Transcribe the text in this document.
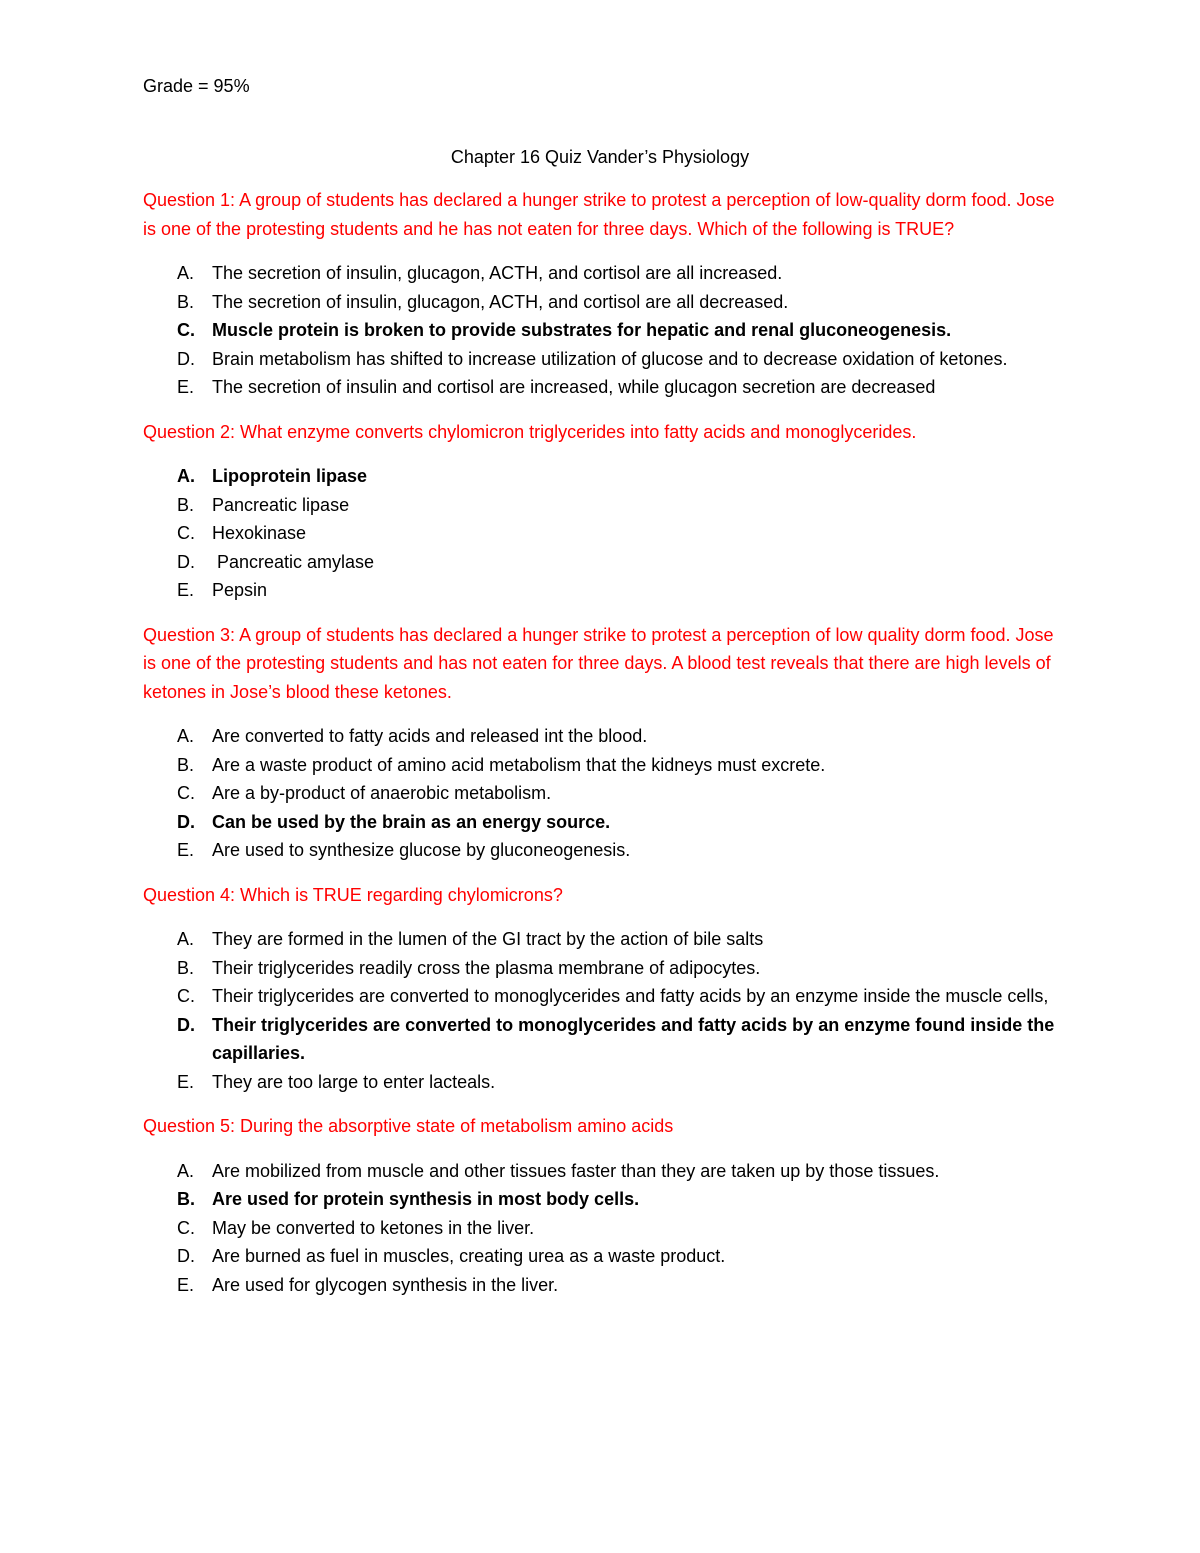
Grade = 95%
Chapter 16 Quiz Vander’s Physiology

Question 1: A group of students has declared a hunger strike to protest a perception of low-quality dorm food. Jose is one of the protesting students and he has not eaten for three days. Which of the following is TRUE?

A. The secretion of insulin, glucagon, ACTH, and cortisol are all increased.
B. The secretion of insulin, glucagon, ACTH, and cortisol are all decreased.
C. Muscle protein is broken to provide substrates for hepatic and renal gluconeogenesis.
D. Brain metabolism has shifted to increase utilization of glucose and to decrease oxidation of ketones.
E. The secretion of insulin and cortisol are increased, while glucagon secretion are decreased

Question 2: What enzyme converts chylomicron triglycerides into fatty acids and monoglycerides.

A. Lipoprotein lipase
B. Pancreatic lipase
C. Hexokinase
D. Pancreatic amylase
E. Pepsin

Question 3: A group of students has declared a hunger strike to protest a perception of low quality dorm food. Jose is one of the protesting students and has not eaten for three days. A blood test reveals that there are high levels of ketones in Jose’s blood these ketones.

A. Are converted to fatty acids and released int the blood.
B. Are a waste product of amino acid metabolism that the kidneys must excrete.
C. Are a by-product of anaerobic metabolism.
D. Can be used by the brain as an energy source.
E. Are used to synthesize glucose by gluconeogenesis.

Question 4: Which is TRUE regarding chylomicrons?

A. They are formed in the lumen of the GI tract by the action of bile salts
B. Their triglycerides readily cross the plasma membrane of adipocytes.
C. Their triglycerides are converted to monoglycerides and fatty acids by an enzyme inside the muscle cells,
D. Their triglycerides are converted to monoglycerides and fatty acids by an enzyme found inside the capillaries.
E. They are too large to enter lacteals.

Question 5: During the absorptive state of metabolism amino acids

A. Are mobilized from muscle and other tissues faster than they are taken up by those tissues.
B. Are used for protein synthesis in most body cells.
C. May be converted to ketones in the liver.
D. Are burned as fuel in muscles, creating urea as a waste product.
E. Are used for glycogen synthesis in the liver.
